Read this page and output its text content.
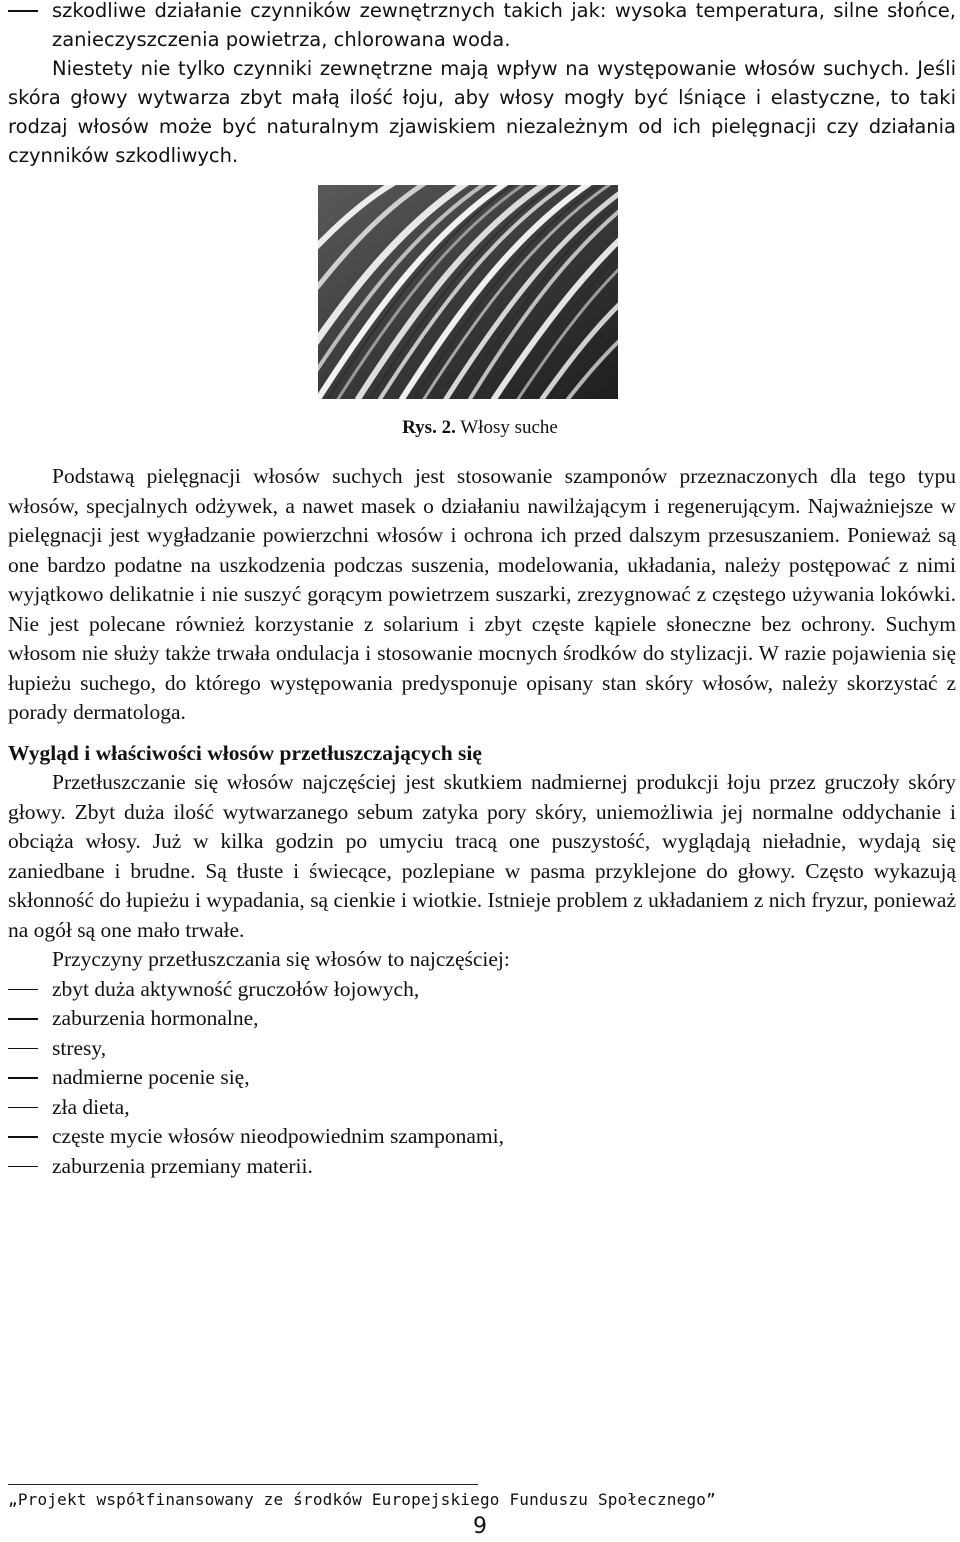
szkodliwe działanie czynników zewnętrznych takich jak: wysoka temperatura, silne słońce, zanieczyszczenia powietrza, chlorowana woda.

Niestety nie tylko czynniki zewnętrzne mają wpływ na występowanie włosów suchych. Jeśli skóra głowy wytwarza zbyt małą ilość łoju, aby włosy mogły być lśniące i elastyczne, to taki rodzaj włosów może być naturalnym zjawiskiem niezależnym od ich pielęgnacji czy działania czynników szkodliwych.

Rys. 2. Włosy suche

Podstawą pielęgnacji włosów suchych jest stosowanie szamponów przeznaczonych dla tego typu włosów, specjalnych odżywek, a nawet masek o działaniu nawilżającym i regenerującym. Najważniejsze w pielęgnacji jest wygładzanie powierzchni włosów i ochrona ich przed dalszym przesuszaniem. Ponieważ są one bardzo podatne na uszkodzenia podczas suszenia, modelowania, układania, należy postępować z nimi wyjątkowo delikatnie i nie suszyć gorącym powietrzem suszarki, zrezygnować z częstego używania lokówki. Nie jest polecane również korzystanie z solarium i zbyt częste kąpiele słoneczne bez ochrony. Suchym włosom nie służy także trwała ondulacja i stosowanie mocnych środków do stylizacji. W razie pojawienia się łupieżu suchego, do którego występowania predysponuje opisany stan skóry włosów, należy skorzystać z porady dermatologa.

Wygląd i właściwości włosów przetłuszczających się

Przetłuszczanie się włosów najczęściej jest skutkiem nadmiernej produkcji łoju przez gruczoły skóry głowy. Zbyt duża ilość wytwarzanego sebum zatyka pory skóry, uniemożliwia jej normalne oddychanie i obciąża włosy. Już w kilka godzin po umyciu tracą one puszystość, wyglądają nieładnie, wydają się zaniedbane i brudne. Są tłuste i świecące, pozlepiane w pasma przyklejone do głowy. Często wykazują skłonność do łupieżu i wypadania, są cienkie i wiotkie. Istnieje problem z układaniem z nich fryzur, ponieważ na ogół są one mało trwałe.

Przyczyny przetłuszczania się włosów to najczęściej:

zbyt duża aktywność gruczołów łojowych,
zaburzenia hormonalne,
stresy,
nadmierne pocenie się,
zła dieta,
częste mycie włosów nieodpowiednim szamponami,
zaburzenia przemiany materii.
„Projekt współfinansowany ze środków Europejskiego Funduszu Społecznego”
9
